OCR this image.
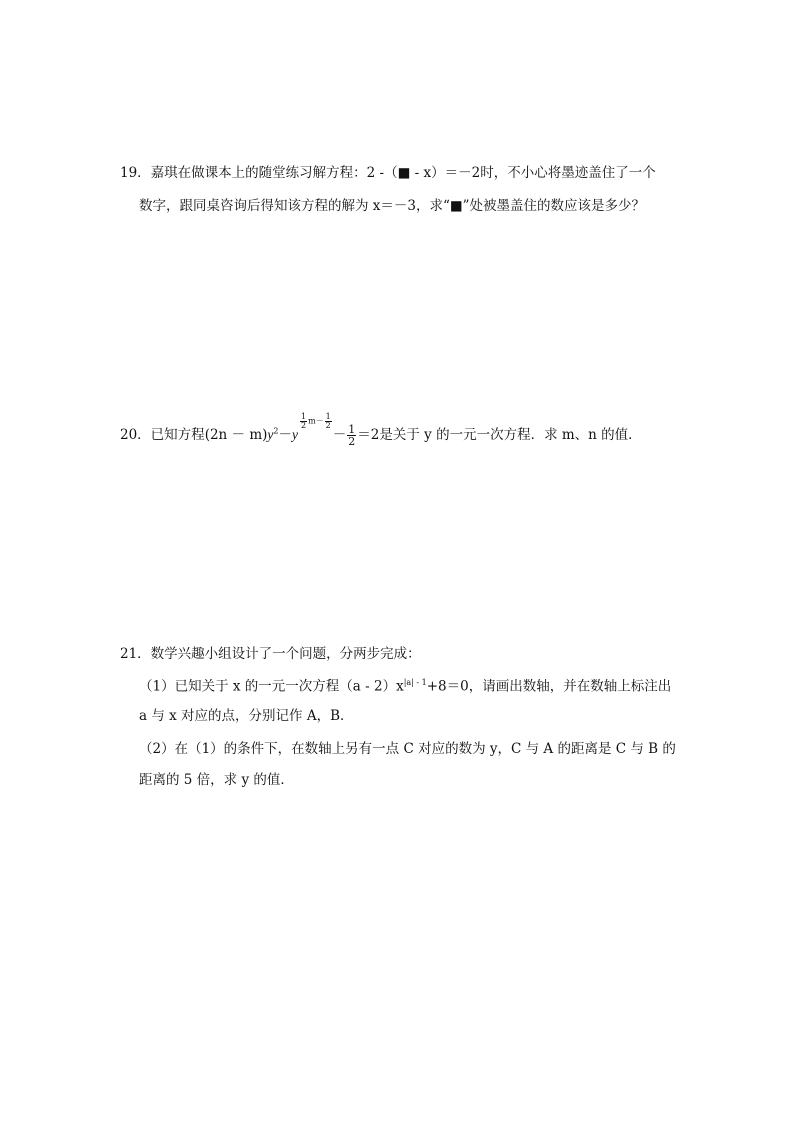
19．嘉琪在做课本上的随堂练习解方程：2 -（■ - x）＝－2时，不小心将墨迹盖住了一个
数字，跟同桌咨询后得知该方程的解为 x＝－3，求“■”处被墨盖住的数应该是多少？
20．已知方程$(2n - m)y^2-y$
$\frac{1}{2} m- \frac{1}{2}$
－ $\frac{1}{2} =2$是关于 y 的一元一次方程．求 m、n 的值．
21．数学兴趣小组设计了一个问题，分两步完成：
（1）已知关于 x 的一元一次方程$(a - 2)x^{|a| - 1}+8=0$，请画出数轴，并在数轴上标注出
a 与 x 对应的点，分别记作 A，B．
（2）在（1）的条件下，在数轴上另有一点 C 对应的数为 y，C 与 A 的距离是 C 与 B 的
距离的 5 倍，求 y 的值．
